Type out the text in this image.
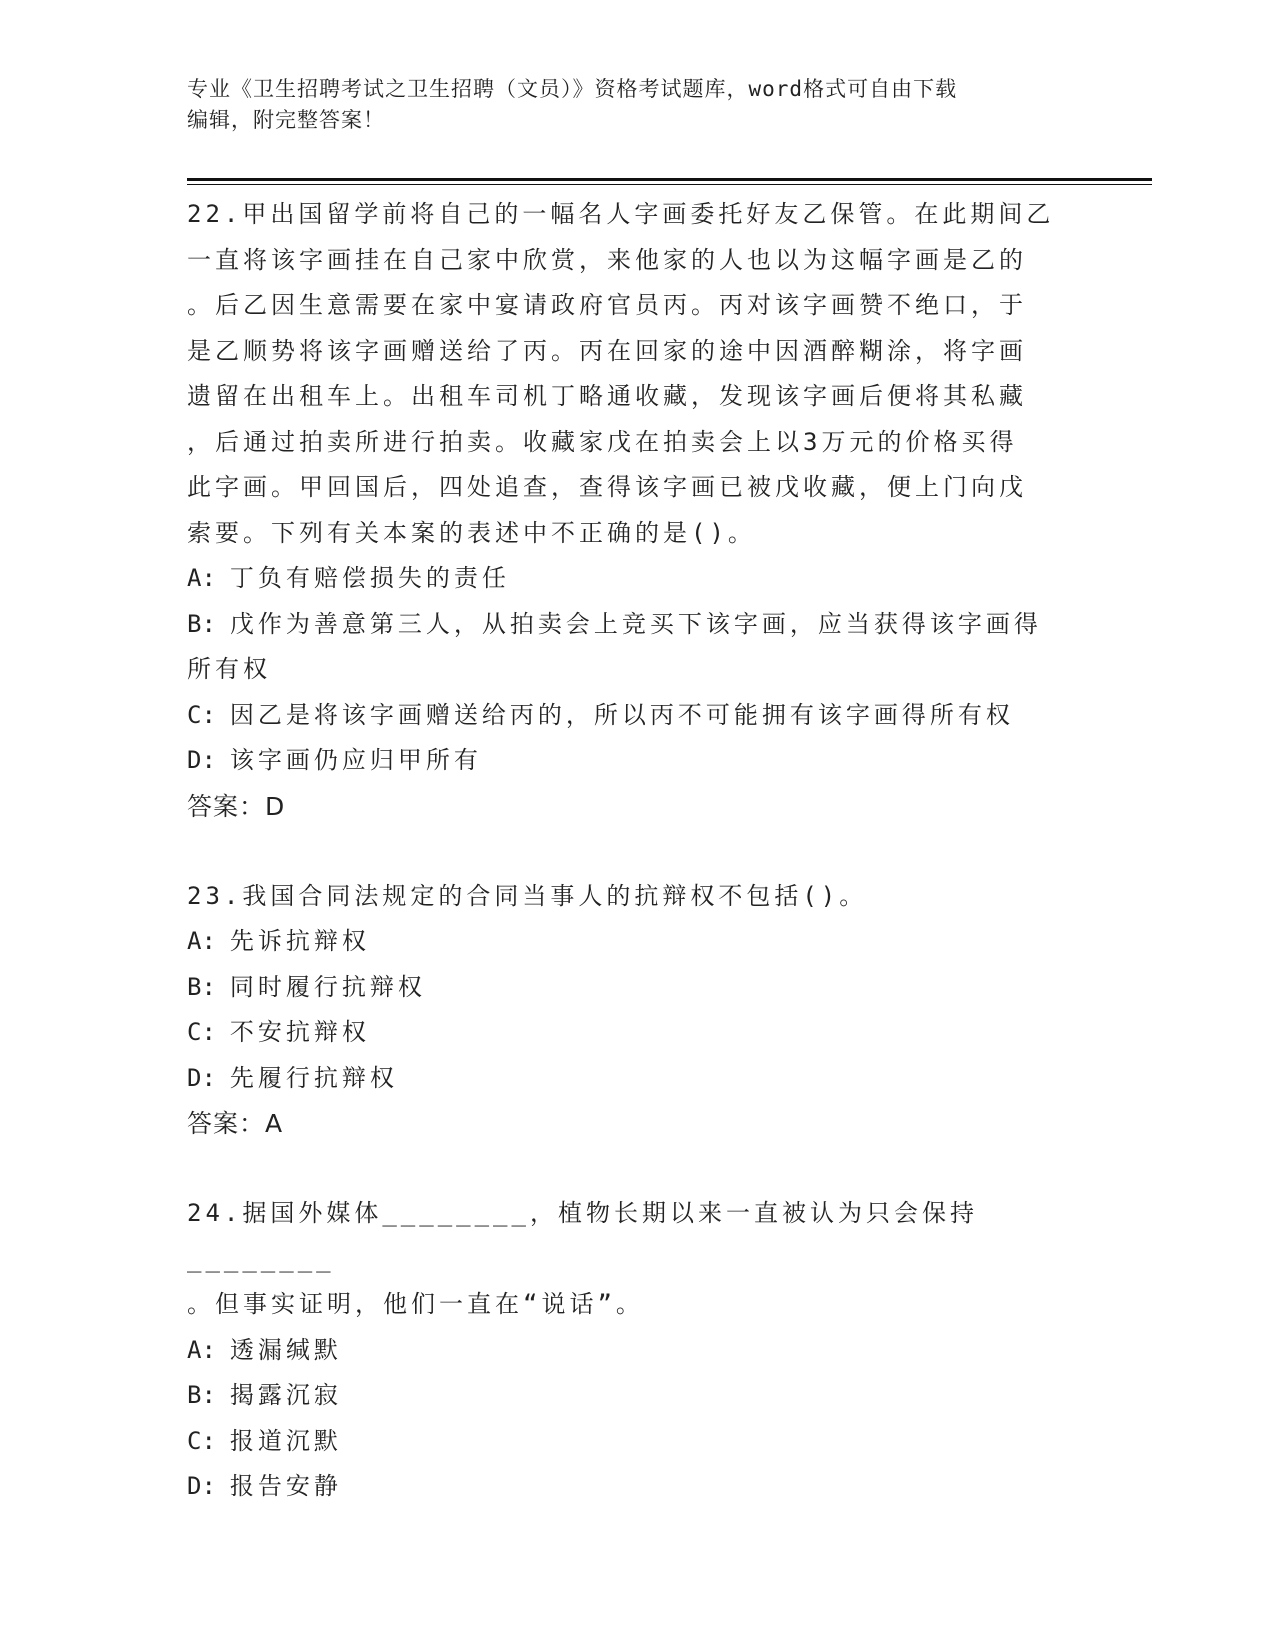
专业《卫生招聘考试之卫生招聘（文员）》资格考试题库，word格式可自由下载
编辑，附完整答案！

22.甲出国留学前将自己的一幅名人字画委托好友乙保管。在此期间乙

一直将该字画挂在自己家中欣赏，来他家的人也以为这幅字画是乙的

。后乙因生意需要在家中宴请政府官员丙。丙对该字画赞不绝口，于

是乙顺势将该字画赠送给了丙。丙在回家的途中因酒醉糊涂，将字画

遗留在出租车上。出租车司机丁略通收藏，发现该字画后便将其私藏

，后通过拍卖所进行拍卖。收藏家戊在拍卖会上以3万元的价格买得

此字画。甲回国后，四处追查，查得该字画已被戊收藏，便上门向戊

索要。下列有关本案的表述中不正确的是()。

A: 丁负有赔偿损失的责任

B: 戊作为善意第三人，从拍卖会上竞买下该字画，应当获得该字画得

所有权

C: 因乙是将该字画赠送给丙的，所以丙不可能拥有该字画得所有权

D: 该字画仍应归甲所有

答案：D

23.我国合同法规定的合同当事人的抗辩权不包括()。

A: 先诉抗辩权

B: 同时履行抗辩权

C: 不安抗辩权

D: 先履行抗辩权

答案：A

24.据国外媒体________，植物长期以来一直被认为只会保持________

。但事实证明，他们一直在“说话”。

A: 透漏缄默

B: 揭露沉寂

C: 报道沉默

D: 报告安静
